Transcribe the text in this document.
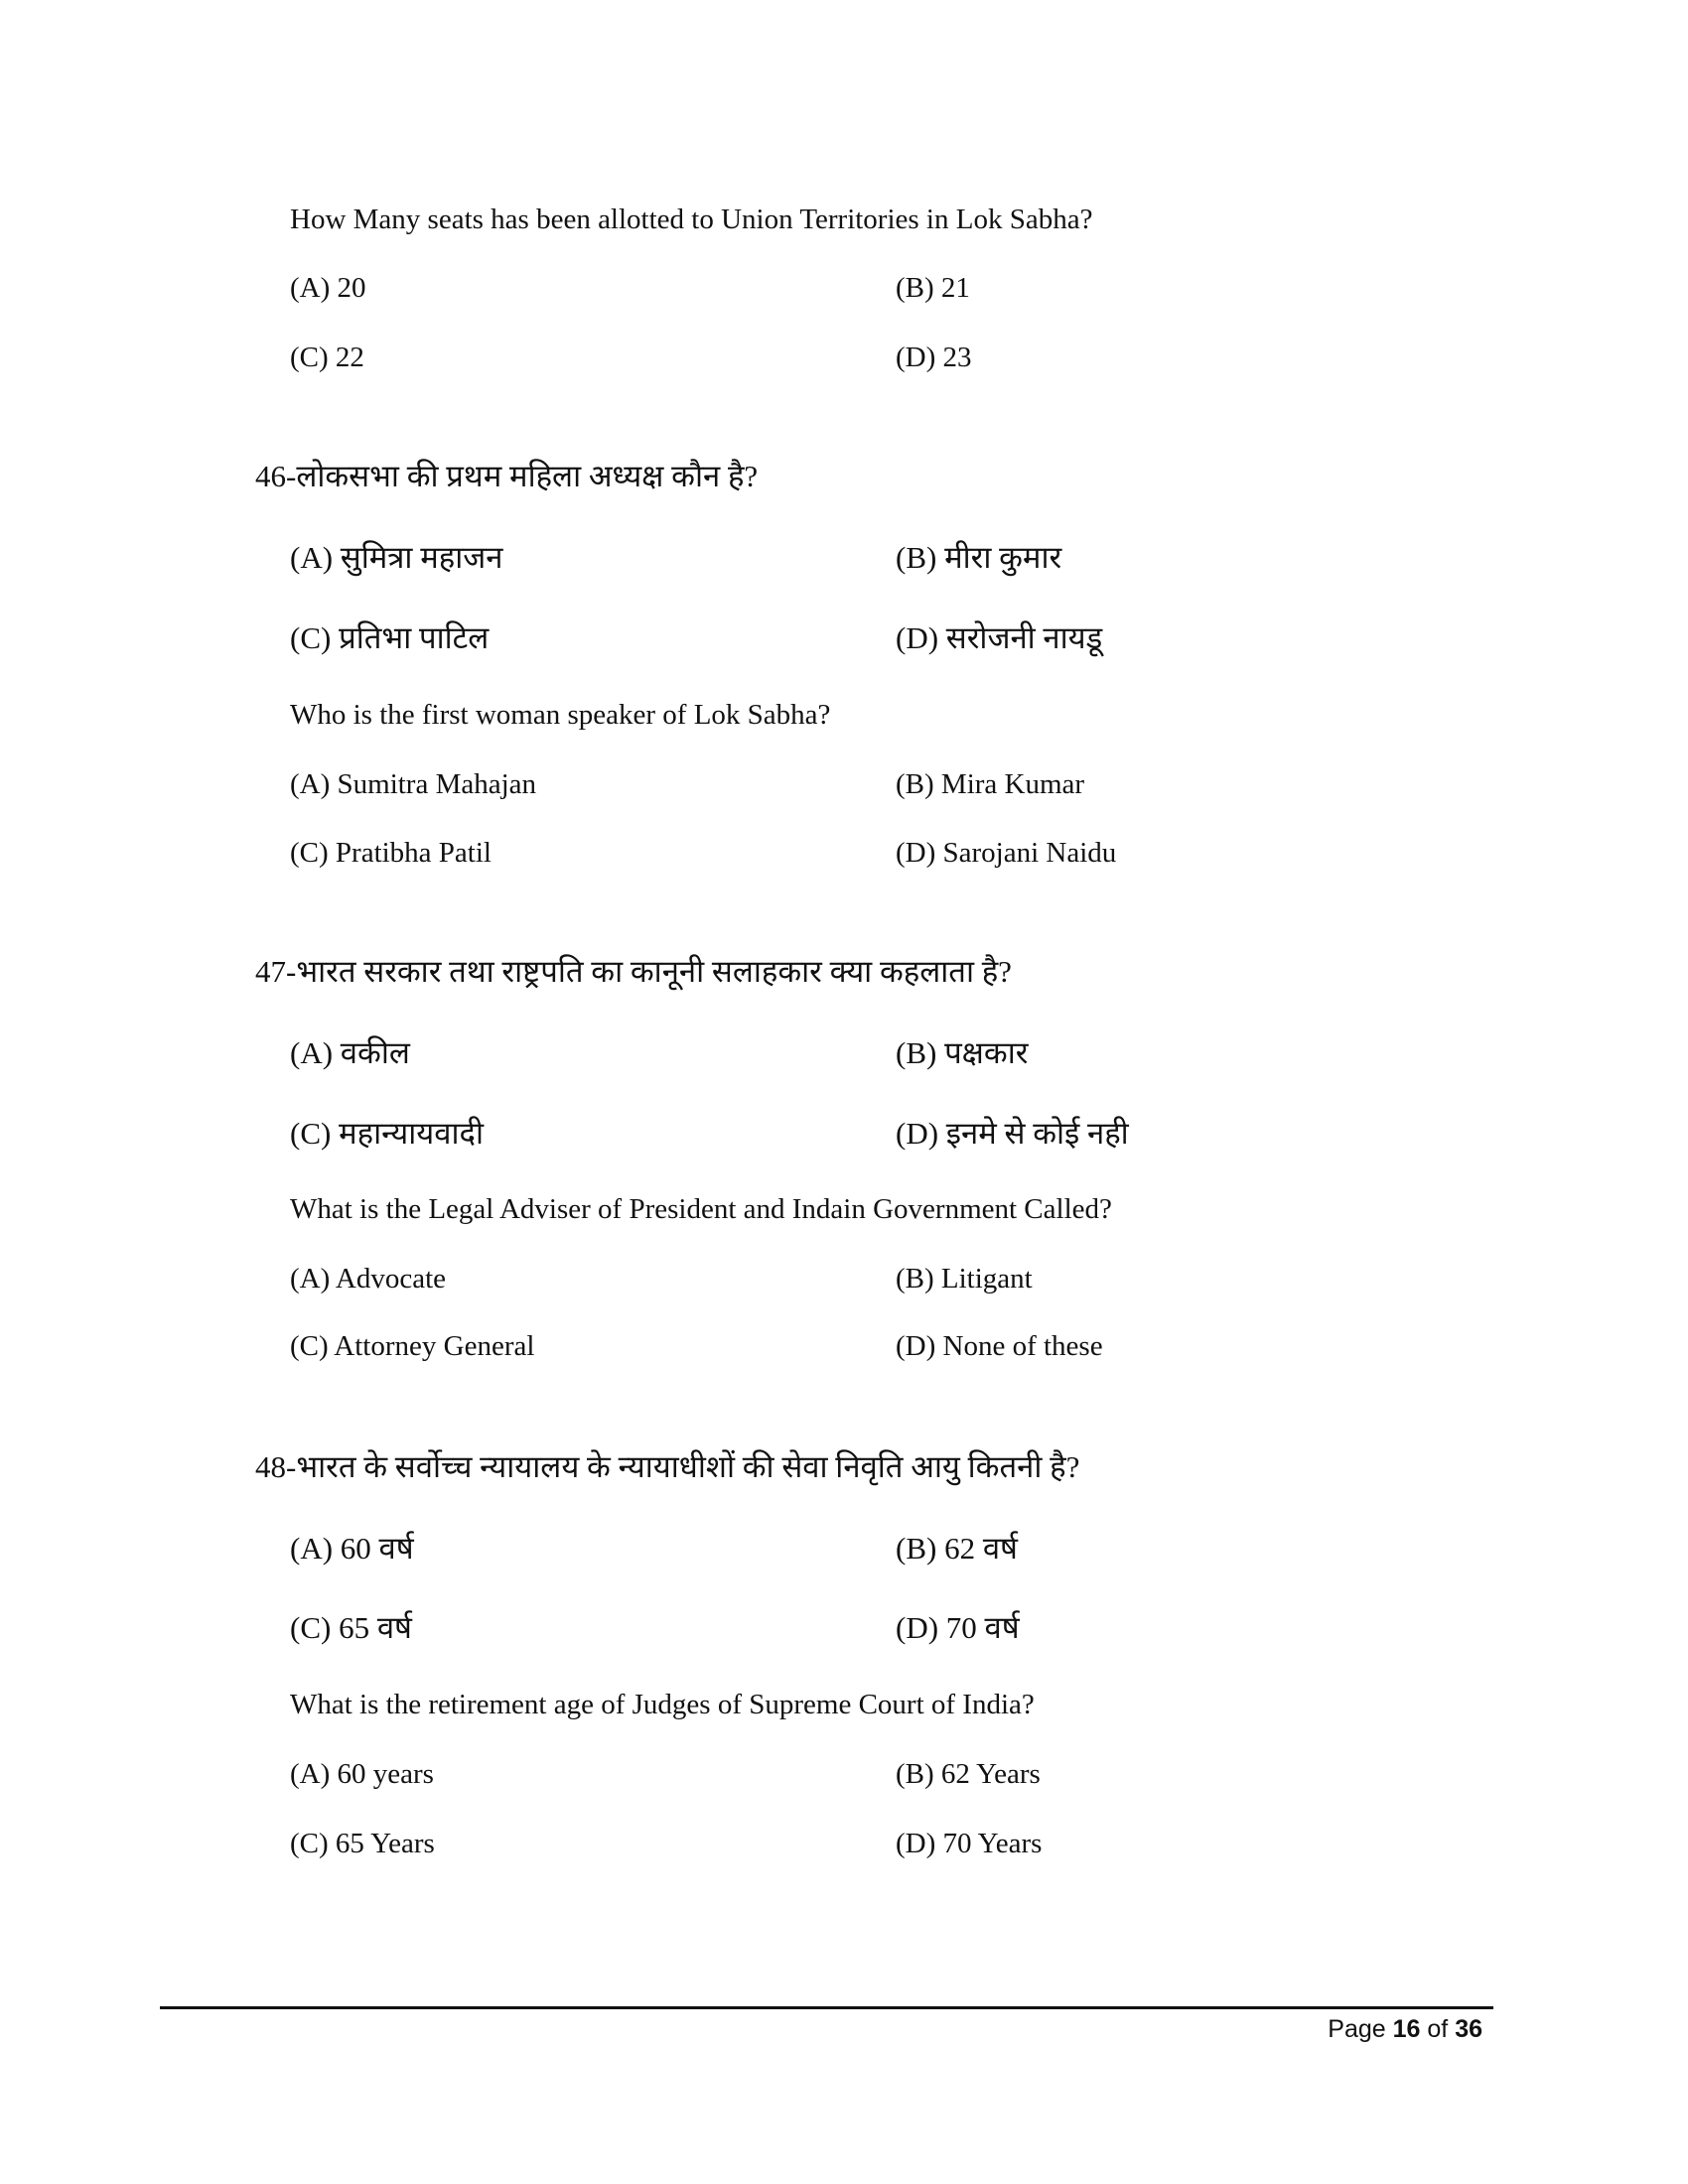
How Many seats has been allotted to Union Territories in Lok Sabha?
(A) 20	(B) 21
(C) 22	(D) 23
46-लोकसभा की प्रथम महिला अध्यक्ष कौन है?
(A) सुमित्रा महाजन	(B) मीरा कुमार
(C) प्रतिभा पाटिल	(D) सरोजनी नायडू
Who is the first woman speaker of Lok Sabha?
(A) Sumitra Mahajan	(B) Mira Kumar
(C) Pratibha Patil	(D) Sarojani Naidu
47-भारत सरकार तथा राष्ट्रपति का कानूनी सलाहकार क्या कहलाता है?
(A) वकील	(B) पक्षकार
(C) महान्यायवादी	(D) इनमे से कोई नही
What is the Legal Adviser of President and Indain Government Called?
(A) Advocate	(B) Litigant
(C) Attorney General	(D) None of these
48-भारत के सर्वोच्च न्यायालय के न्यायाधीशों की सेवा निवृति आयु कितनी है?
(A) 60 वर्ष	(B) 62 वर्ष
(C) 65 वर्ष	(D) 70 वर्ष
What is the retirement age of Judges of Supreme Court of India?
(A) 60 years	(B) 62 Years
(C) 65 Years	(D) 70 Years
Page 16 of 36
